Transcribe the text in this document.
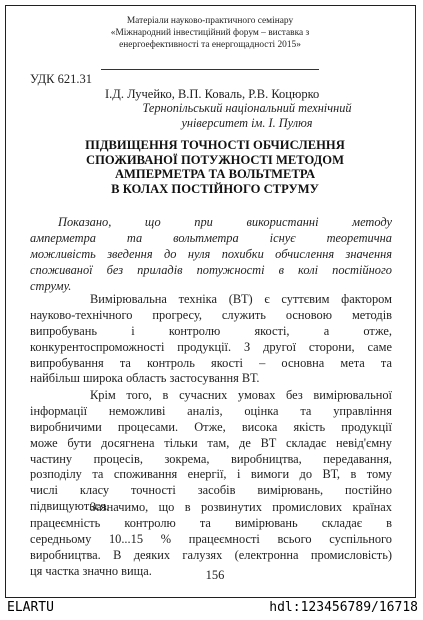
Матеріали науково-практичного семінару
«Міжнародний інвестиційний форум – виставка з
енергоефективності та енергощадності 2015»
УДК 621.31
І.Д. Лучейко, В.П. Коваль, Р.В. Коцюрко
Тернопільський національний технічний
університет ім. І. Пулюя
ПІДВИЩЕННЯ ТОЧНОСТІ ОБЧИСЛЕННЯ
СПОЖИВАНОЇ ПОТУЖНОСТІ МЕТОДОМ
АМПЕРМЕТРА ТА ВОЛЬТМЕТРА
В КОЛАХ ПОСТІЙНОГО СТРУМУ
Показано, що при використанні методу
амперметра та вольтметра існує теоретична
можливість зведення до нуля похибки обчислення значення
споживаної без приладів потужності в колі постійного
струму.
Вимірювальна техніка (ВТ) є суттєвим фактором
науково-технічного прогресу, служить основою методів
випробувань і контролю якості, а отже,
конкурентоспроможності продукції. З другої сторони, саме
випробування та контроль якості – основна мета та
найбільш широка область застосування ВТ.
Крім того, в сучасних умовах без вимірювальної
інформації неможливі аналіз, оцінка та управління
виробничими процесами. Отже, висока якість продукції
може бути досягнена тільки там, де ВТ складає невід'ємну
частину процесів, зокрема, виробництва, передавання,
розподілу та споживання енергії, і вимоги до ВТ, в тому
числі класу точності засобів вимірювань, постійно
підвищуються.
Зазначимо, що в розвинутих промислових країнах
працеємність контролю та вимірювань складає в
середньому 10...15 % працеємності всього суспільного
виробництва. В деяких галузях (електронна промисловість)
ця частка значно вища.	156
ELARTU	hdl:123456789/16718
